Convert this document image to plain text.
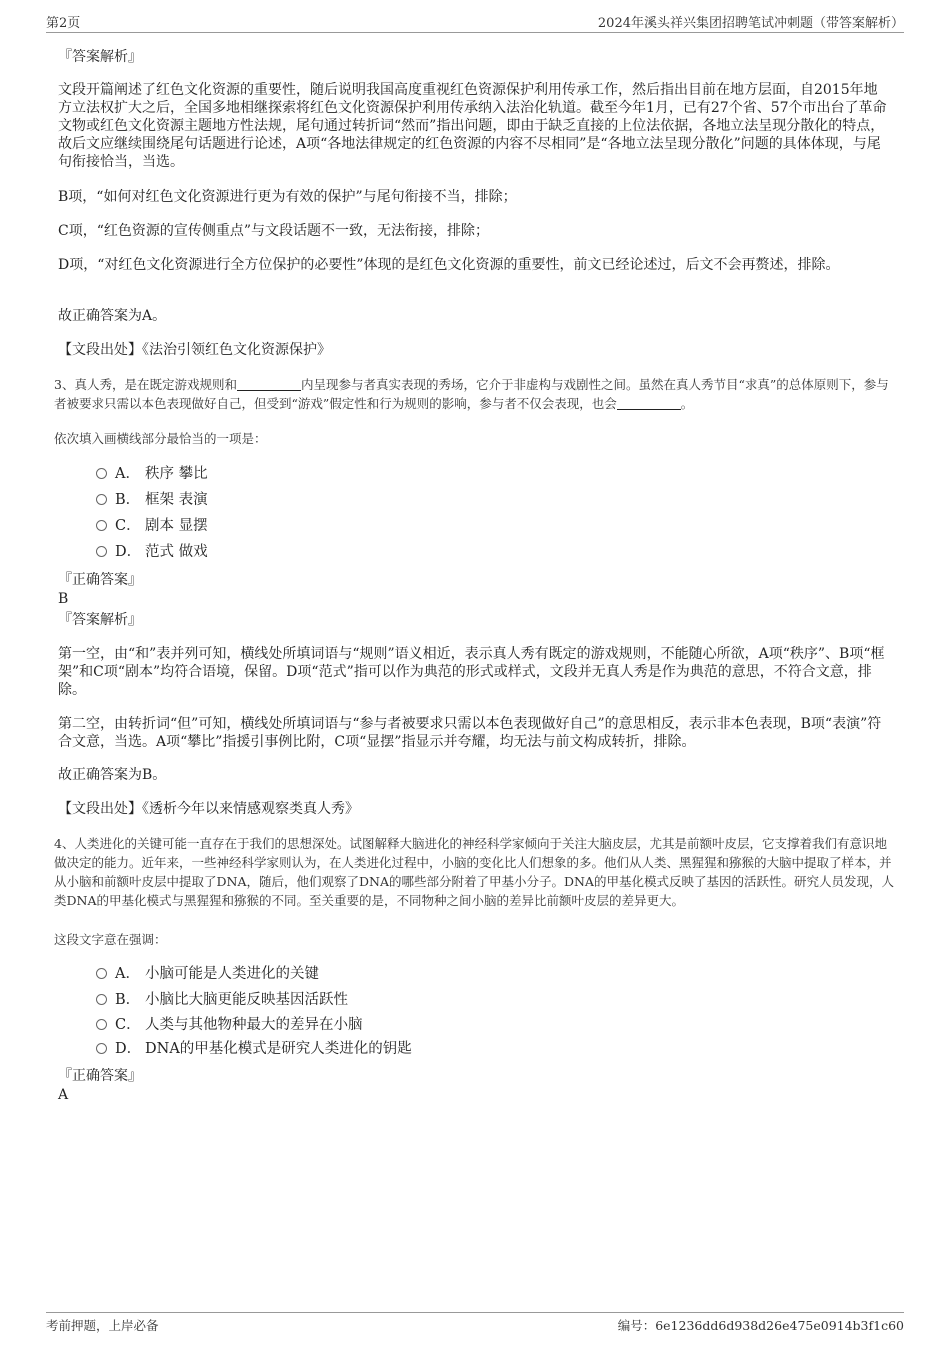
第2页	2024年溪头祥兴集团招聘笔试冲刺题（带答案解析）
『答案解析』
文段开篇阐述了红色文化资源的重要性，随后说明我国高度重视红色资源保护利用传承工作，然后指出目前在地方层面，自2015年地方立法权扩大之后，全国多地相继探索将红色文化资源保护利用传承纳入法治化轨道。截至今年1月，已有27个省、57个市出台了革命文物或红色文化资源主题地方性法规，尾句通过转折词“然而”指出问题，即由于缺乏直接的上位法依据，各地立法呈现分散化的特点，故后文应继续围绕尾句话题进行论述，A项“各地法律规定的红色资源的内容不尽相同”是“各地立法呈现分散化”问题的具体体现，与尾句衔接恰当，当选。
B项，“如何对红色文化资源进行更为有效的保护”与尾句衔接不当，排除；
C项，“红色资源的宣传侧重点”与文段话题不一致，无法衔接，排除；
D项，“对红色文化资源进行全方位保护的必要性”体现的是红色文化资源的重要性，前文已经论述过，后文不会再赘述，排除。
故正确答案为A。
【文段出处】《法治引领红色文化资源保护》
3、真人秀，是在既定游戏规则和	内呈现参与者真实表现的秀场，它介于非虚构与戏剧性之间。虽然在真人秀节目“求真”的总体原则下，参与者被要求只需以本色表现做好自己，但受到“游戏”假定性和行为规则的影响，参与者不仅会表现，也会	。
依次填入画横线部分最恰当的一项是：
A． 秩序 攀比
B． 框架 表演
C． 剧本 显摆
D． 范式 做戏
『正确答案』
B
『答案解析』
第一空，由“和”表并列可知，横线处所填词语与“规则”语义相近，表示真人秀有既定的游戏规则，不能随心所欲，A项“秩序”、B项“框架”和C项“剧本”均符合语境，保留。D项“范式”指可以作为典范的形式或样式，文段并无真人秀是作为典范的意思，不符合文意，排除。
第二空，由转折词“但”可知，横线处所填词语与“参与者被要求只需以本色表现做好自己”的意思相反，表示非本色表现，B项“表演”符合文意，当选。A项“攀比”指援引事例比附，C项“显摆”指显示并夸耀，均无法与前文构成转折，排除。
故正确答案为B。
【文段出处】《透析今年以来情感观察类真人秀》
4、人类进化的关键可能一直存在于我们的思想深处。试图解释大脑进化的神经科学家倾向于关注大脑皮层，尤其是前额叶皮层，它支撑着我们有意识地做决定的能力。近年来，一些神经科学家则认为，在人类进化过程中，小脑的变化比人们想象的多。他们从人类、黑猩猩和猕猴的大脑中提取了样本，并从小脑和前额叶皮层中提取了DNA，随后，他们观察了DNA的哪些部分附着了甲基小分子。DNA的甲基化模式反映了基因的活跃性。研究人员发现，人类DNA的甲基化模式与黑猩猩和猕猴的不同。至关重要的是，不同物种之间小脑的差异比前额叶皮层的差异更大。
这段文字意在强调：
A． 小脑可能是人类进化的关键
B． 小脑比大脑更能反映基因活跃性
C． 人类与其他物种最大的差异在小脑
D． DNA的甲基化模式是研究人类进化的钥匙
『正确答案』
A
考前押题，上岸必备	编号：6e1236dd6d938d26e475e0914b3f1c60
